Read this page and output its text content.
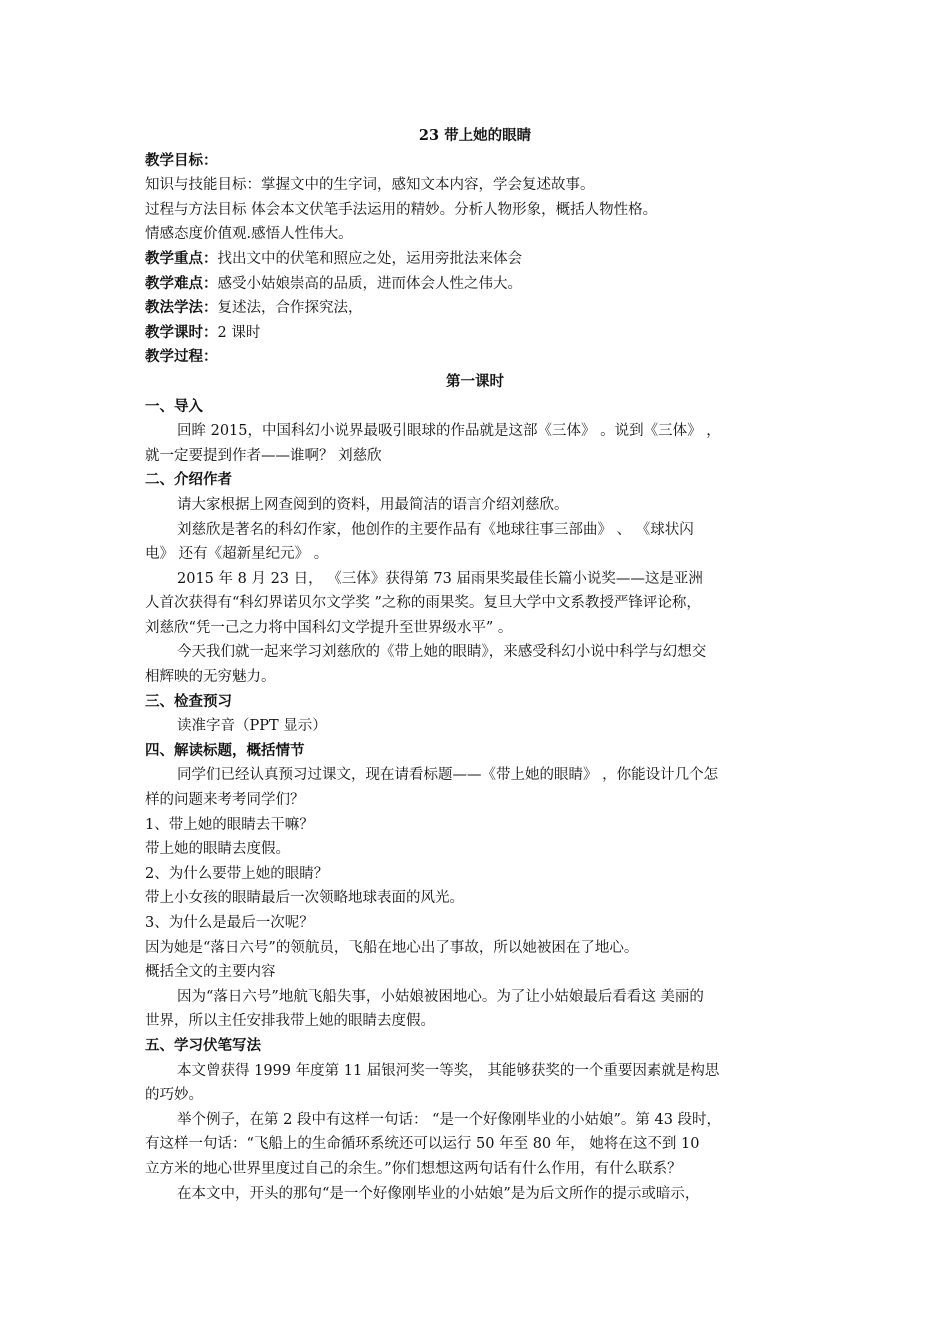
23 带上她的眼睛
教学目标：
知识与技能目标：掌握文中的生字词，感知文本内容，学会复述故事。
过程与方法目标 体会本文伏笔手法运用的精妙。分析人物形象，概括人物性格。
情感态度价值观.感悟人性伟大。
教学重点：找出文中的伏笔和照应之处，运用旁批法来体会
教学难点：感受小姑娘崇高的品质，进而体会人性之伟大。
教法学法：复述法，合作探究法，
教学课时：2 课时
教学过程：
第一课时
一、导入
回眸 2015，中国科幻小说界最吸引眼球的作品就是这部《三体》 。说到《三体》 ，
就一定要提到作者——谁啊？ 刘慈欣
二、介绍作者
请大家根据上网查阅到的资料，用最简洁的语言介绍刘慈欣。
刘慈欣是著名的科幻作家，他创作的主要作品有《地球往事三部曲》 、 《球状闪
电》 还有《超新星纪元》 。
2015 年 8 月 23 日， 《三体》获得第 73 届雨果奖最佳长篇小说奖——这是亚洲
人首次获得有“科幻界诺贝尔文学奖 ”之称的雨果奖。复旦大学中文系教授严锋评论称，
刘慈欣“凭一己之力将中国科幻文学提升至世界级水平” 。
今天我们就一起来学习刘慈欣的《带上她的眼睛》，来感受科幻小说中科学与幻想交
相辉映的无穷魅力。
三、检查预习
读准字音（PPT 显示）
四、解读标题，概括情节
同学们已经认真预习过课文，现在请看标题——《带上她的眼睛》 ，你能设计几个怎
样的问题来考考同学们？
1、带上她的眼睛去干嘛？
带上她的眼睛去度假。
2、为什么要带上她的眼睛？
带上小女孩的眼睛最后一次领略地球表面的风光。
3、为什么是最后一次呢？
因为她是“落日六号”的领航员，飞船在地心出了事故，所以她被困在了地心。
概括全文的主要内容
因为“落日六号”地航飞船失事，小姑娘被困地心。为了让小姑娘最后看看这 美丽的
世界，所以主任安排我带上她的眼睛去度假。
五、学习伏笔写法
本文曾获得 1999 年度第 11 届银河奖一等奖， 其能够获奖的一个重要因素就是构思
的巧妙。
举个例子，在第 2 段中有这样一句话： “是一个好像刚毕业的小姑娘”。第 43 段时，
有这样一句话：“飞船上的生命循环系统还可以运行 50 年至 80 年， 她将在这不到 10
立方米的地心世界里度过自己的余生。”你们想想这两句话有什么作用，有什么联系？
在本文中，开头的那句“是一个好像刚毕业的小姑娘”是为后文所作的提示或暗示，
